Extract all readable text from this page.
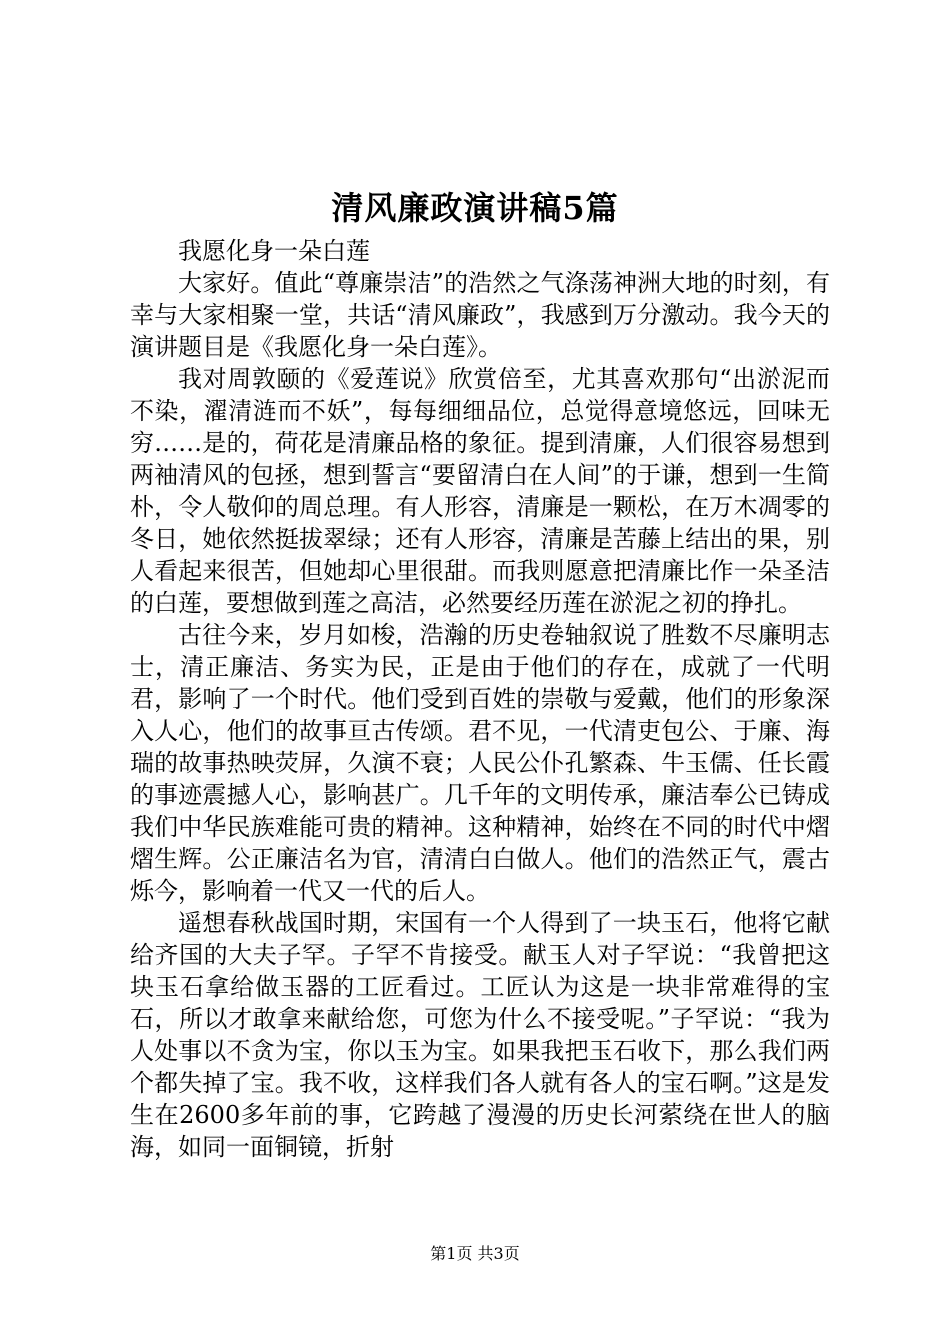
清风廉政演讲稿5篇

我愿化身一朵白莲

大家好。值此“尊廉崇洁”的浩然之气涤荡神洲大地的时刻，有幸与大家相聚一堂，共话“清风廉政”，我感到万分激动。我今天的演讲题目是《我愿化身一朵白莲》。

我对周敦颐的《爱莲说》欣赏倍至，尤其喜欢那句“出淤泥而不染，濯清涟而不妖”，每每细细品位，总觉得意境悠远，回味无穷……是的，荷花是清廉品格的象征。提到清廉，人们很容易想到两袖清风的包拯，想到誓言“要留清白在人间”的于谦，想到一生简朴，令人敬仰的周总理。有人形容，清廉是一颗松，在万木凋零的冬日，她依然挺拔翠绿；还有人形容，清廉是苦藤上结出的果，别人看起来很苦，但她却心里很甜。而我则愿意把清廉比作一朵圣洁的白莲，要想做到莲之高洁，必然要经历莲在淤泥之初的挣扎。

古往今来，岁月如梭，浩瀚的历史卷轴叙说了胜数不尽廉明志士，清正廉洁、务实为民，正是由于他们的存在，成就了一代明君，影响了一个时代。他们受到百姓的崇敬与爱戴，他们的形象深入人心，他们的故事亘古传颂。君不见，一代清吏包公、于廉、海瑞的故事热映荧屏，久演不衰；人民公仆孔繁森、牛玉儒、任长霞的事迹震撼人心，影响甚广。几千年的文明传承，廉洁奉公已铸成我们中华民族难能可贵的精神。这种精神，始终在不同的时代中熠熠生辉。公正廉洁名为官，清清白白做人。他们的浩然正气，震古烁今，影响着一代又一代的后人。

遥想春秋战国时期，宋国有一个人得到了一块玉石，他将它献给齐国的大夫子罕。子罕不肯接受。献玉人对子罕说：“我曾把这块玉石拿给做玉器的工匠看过。工匠认为这是一块非常难得的宝石，所以才敢拿来献给您，可您为什么不接受呢。”子罕说：“我为人处事以不贪为宝，你以玉为宝。如果我把玉石收下，那么我们两个都失掉了宝。我不收，这样我们各人就有各人的宝石啊。”这是发生在2600多年前的事，它跨越了漫漫的历史长河萦绕在世人的脑海，如同一面铜镜，折射

第1页 共3页
